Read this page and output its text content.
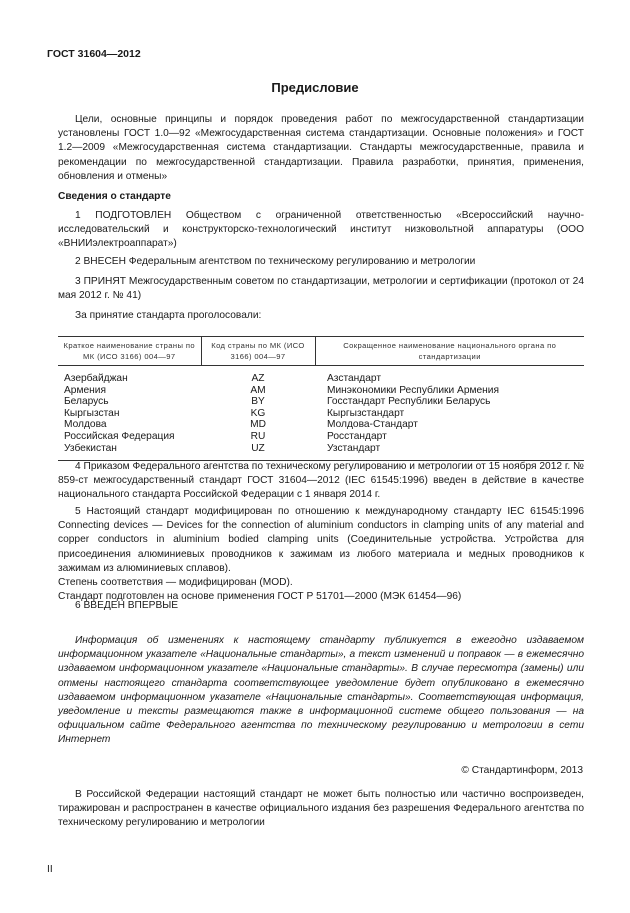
ГОСТ 31604—2012
Предисловие

Цели, основные принципы и порядок проведения работ по межгосударственной стандартизации установлены ГОСТ 1.0—92 «Межгосударственная система стандартизации. Основные положения» и ГОСТ 1.2—2009 «Межгосударственная система стандартизации. Стандарты межгосударственные, правила и рекомендации по межгосударственной стандартизации. Правила разработки, принятия, применения, обновления и отмены»

Сведения о стандарте

1 ПОДГОТОВЛЕН Обществом с ограниченной ответственностью «Всероссийский научно-исследовательский и конструкторско-технологический институт низковольтной аппаратуры (ООО «ВНИИэлектроаппарат»)

2 ВНЕСЕН Федеральным агентством по техническому регулированию и метрологии

3 ПРИНЯТ Межгосударственным советом по стандартизации, метрологии и сертификации (протокол от 24 мая 2012 г. № 41)

За принятие стандарта проголосовали:

Краткое наименование страны по МК (ИСО 3166) 004—97	Код страны по МК (ИСО 3166) 004—97	Сокращенное наименование национального органа по стандартизации
Азербайджан	AZ	Азстандарт
Армения	AM	Минэкономики Республики Армения
Беларусь	BY	Госстандарт Республики Беларусь
Кыргызстан	KG	Кыргызстандарт
Молдова	MD	Молдова-Стандарт
Российская Федерация	RU	Росстандарт
Узбекистан	UZ	Узстандарт

4 Приказом Федерального агентства по техническому регулированию и метрологии от 15 ноября 2012 г. № 859-ст межгосударственный стандарт ГОСТ 31604—2012 (IEC 61545:1996) введен в действие в качестве национального стандарта Российской Федерации с 1 января 2014 г.

5 Настоящий стандарт модифицирован по отношению к международному стандарту IEC 61545:1996 Connecting devices — Devices for the connection of aluminium conductors in clamping units of any material and copper conductors in aluminium bodied clamping units (Соединительные устройства. Устройства для присоединения алюминиевых проводников к зажимам из любого материала и медных проводников к зажимам из алюминиевых сплавов).
Степень соответствия — модифицирован (MOD).
Стандарт подготовлен на основе применения ГОСТ Р 51701—2000 (МЭК 61454—96)

6 ВВЕДЕН ВПЕРВЫЕ

Информация об изменениях к настоящему стандарту публикуется в ежегодно издаваемом информационном указателе «Национальные стандарты», а текст изменений и поправок — в ежемесячно издаваемом информационном указателе «Национальные стандарты». В случае пересмотра (замены) или отмены настоящего стандарта соответствующее уведомление будет опубликовано в ежемесячно издаваемом информационном указателе «Национальные стандарты». Соответствующая информация, уведомление и тексты размещаются также в информационной системе общего пользования — на официальном сайте Федерального агентства по техническому регулированию и метрологии в сети Интернет

© Стандартинформ, 2013

В Российской Федерации настоящий стандарт не может быть полностью или частично воспроизведен, тиражирован и распространен в качестве официального издания без разрешения Федерального агентства по техническому регулированию и метрологии

II
